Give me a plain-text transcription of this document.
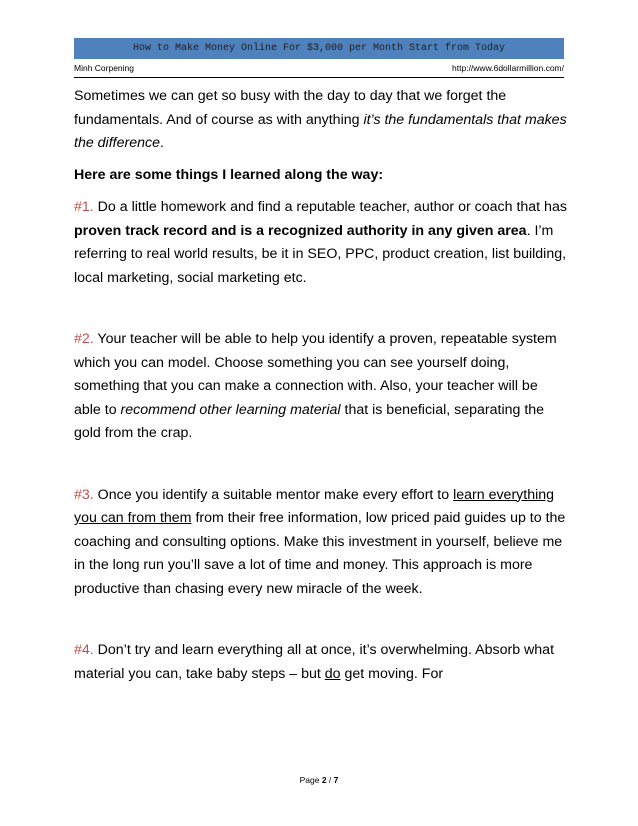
How to Make Money Online For $3,000 per Month Start from Today
Minh Corpening	http://www.6dollarmillion.com/

Sometimes we can get so busy with the day to day that we forget the fundamentals. And of course as with anything it’s the fundamentals that makes the difference.

Here are some things I learned along the way:

#1. Do a little homework and find a reputable teacher, author or coach that has proven track record and is a recognized authority in any given area. I’m referring to real world results, be it in SEO, PPC, product creation, list building, local marketing, social marketing etc.

#2. Your teacher will be able to help you identify a proven, repeatable system which you can model. Choose something you can see yourself doing, something that you can make a connection with. Also, your teacher will be able to recommend other learning material that is beneficial, separating the gold from the crap.

#3. Once you identify a suitable mentor make every effort to learn everything you can from them from their free information, low priced paid guides up to the coaching and consulting options. Make this investment in yourself, believe me in the long run you’ll save a lot of time and money. This approach is more productive than chasing every new miracle of the week.

#4. Don’t try and learn everything all at once, it’s overwhelming. Absorb what material you can, take baby steps – but do get moving. For

Page 2 / 7
